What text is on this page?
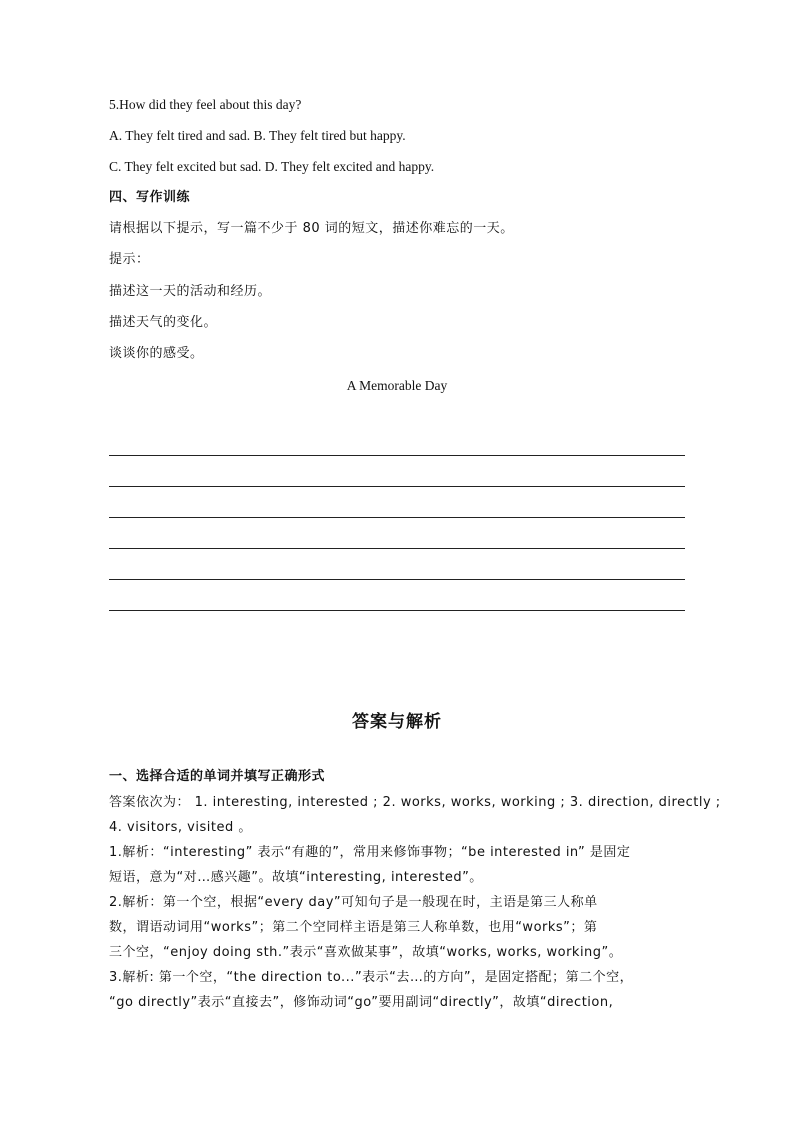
5.How did they feel about this day?
A. They felt tired and sad. B. They felt tired but happy.
C. They felt excited but sad. D. They felt excited and happy.
四、写作训练
请根据以下提示，写一篇不少于 80 词的短文，描述你难忘的一天。
提示：
描述这一天的活动和经历。
描述天气的变化。
谈谈你的感受。
A Memorable Day
答案与解析
一、选择合适的单词并填写正确形式
答案依次为： 1. interesting, interested ; 2. works, works, working ; 3. direction, directly ;
4. visitors, visited 。
1.解析：“interesting” 表示“有趣的”，常用来修饰事物；“be interested in” 是固定
短语，意为“对…感兴趣”。故填“interesting, interested”。
2.解析：第一个空，根据“every day”可知句子是一般现在时，主语是第三人称单
数，谓语动词用“works”；第二个空同样主语是第三人称单数，也用“works”；第
三个空，“enjoy doing sth.”表示“喜欢做某事”，故填“works, works, working”。
3.解析: 第一个空，“the direction to...”表示“去…的方向”，是固定搭配；第二个空，
“go directly”表示“直接去”，修饰动词“go”要用副词“directly”，故填“direction,
